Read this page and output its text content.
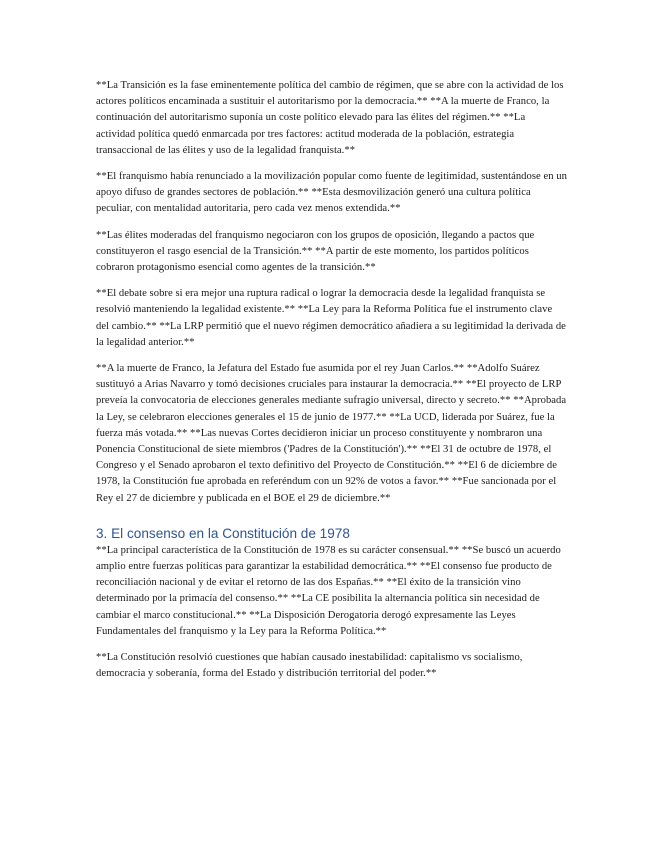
**La Transición es la fase eminentemente política del cambio de régimen, que se abre con la actividad de los actores políticos encaminada a sustituir el autoritarismo por la democracia.** **A la muerte de Franco, la continuación del autoritarismo suponía un coste político elevado para las élites del régimen.** **La actividad política quedó enmarcada por tres factores: actitud moderada de la población, estrategia transaccional de las élites y uso de la legalidad franquista.**

**El franquismo había renunciado a la movilización popular como fuente de legitimidad, sustentándose en un apoyo difuso de grandes sectores de población.** **Esta desmovilización generó una cultura política peculiar, con mentalidad autoritaria, pero cada vez menos extendida.**

**Las élites moderadas del franquismo negociaron con los grupos de oposición, llegando a pactos que constituyeron el rasgo esencial de la Transición.** **A partir de este momento, los partidos políticos cobraron protagonismo esencial como agentes de la transición.**

**El debate sobre si era mejor una ruptura radical o lograr la democracia desde la legalidad franquista se resolvió manteniendo la legalidad existente.** **La Ley para la Reforma Política fue el instrumento clave del cambio.** **La LRP permitió que el nuevo régimen democrático añadiera a su legitimidad la derivada de la legalidad anterior.**

**A la muerte de Franco, la Jefatura del Estado fue asumida por el rey Juan Carlos.** **Adolfo Suárez sustituyó a Arias Navarro y tomó decisiones cruciales para instaurar la democracia.** **El proyecto de LRP preveía la convocatoria de elecciones generales mediante sufragio universal, directo y secreto.** **Aprobada la Ley, se celebraron elecciones generales el 15 de junio de 1977.** **La UCD, liderada por Suárez, fue la fuerza más votada.** **Las nuevas Cortes decidieron iniciar un proceso constituyente y nombraron una Ponencia Constitucional de siete miembros ('Padres de la Constitución').** **El 31 de octubre de 1978, el Congreso y el Senado aprobaron el texto definitivo del Proyecto de Constitución.** **El 6 de diciembre de 1978, la Constitución fue aprobada en referéndum con un 92% de votos a favor.** **Fue sancionada por el Rey el 27 de diciembre y publicada en el BOE el 29 de diciembre.**

3. El consenso en la Constitución de 1978

**La principal característica de la Constitución de 1978 es su carácter consensual.** **Se buscó un acuerdo amplio entre fuerzas políticas para garantizar la estabilidad democrática.** **El consenso fue producto de reconciliación nacional y de evitar el retorno de las dos Españas.** **El éxito de la transición vino determinado por la primacía del consenso.** **La CE posibilita la alternancia política sin necesidad de cambiar el marco constitucional.** **La Disposición Derogatoria derogó expresamente las Leyes Fundamentales del franquismo y la Ley para la Reforma Política.**

**La Constitución resolvió cuestiones que habían causado inestabilidad: capitalismo vs socialismo, democracia y soberanía, forma del Estado y distribución territorial del poder.**
